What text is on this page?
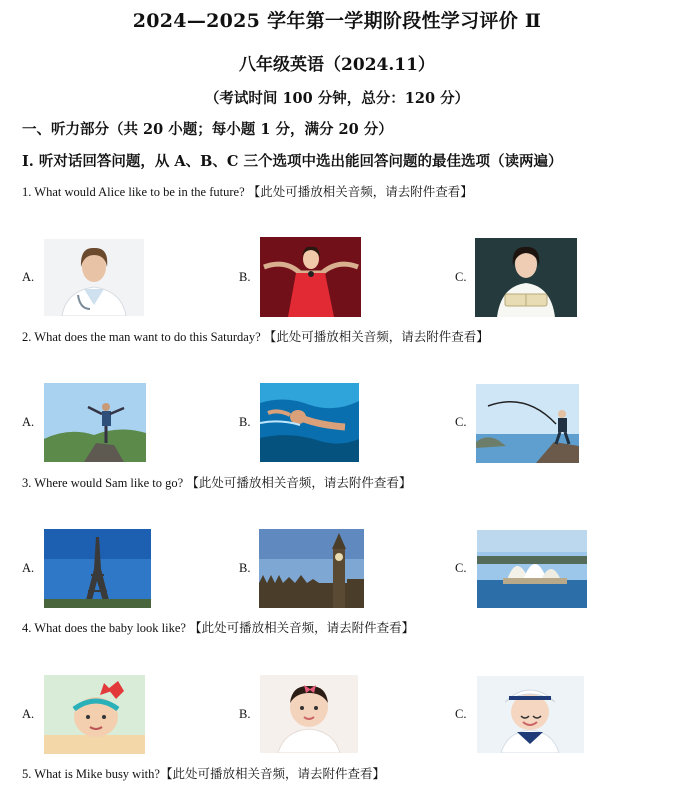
2024—2025 学年第一学期阶段性学习评价 Ⅱ
八年级英语（2024.11）
（考试时间 100 分钟，总分：120 分）
一、听力部分（共 20 小题；每小题 1 分，满分 20 分）
Ⅰ. 听对话回答问题，从 A、B、C 三个选项中选出能回答问题的最佳选项（读两遍）
1. What would Alice like to be in the future? 【此处可播放相关音频，请去附件查看】
A.	B.	C.
2. What does the man want to do this Saturday? 【此处可播放相关音频，请去附件查看】
A.	B.	C.
3. Where would Sam like to go? 【此处可播放相关音频，请去附件查看】
A.	B.	C.
4. What does the baby look like? 【此处可播放相关音频，请去附件查看】
A.	B.	C.
5. What is Mike busy with?【此处可播放相关音频，请去附件查看】
